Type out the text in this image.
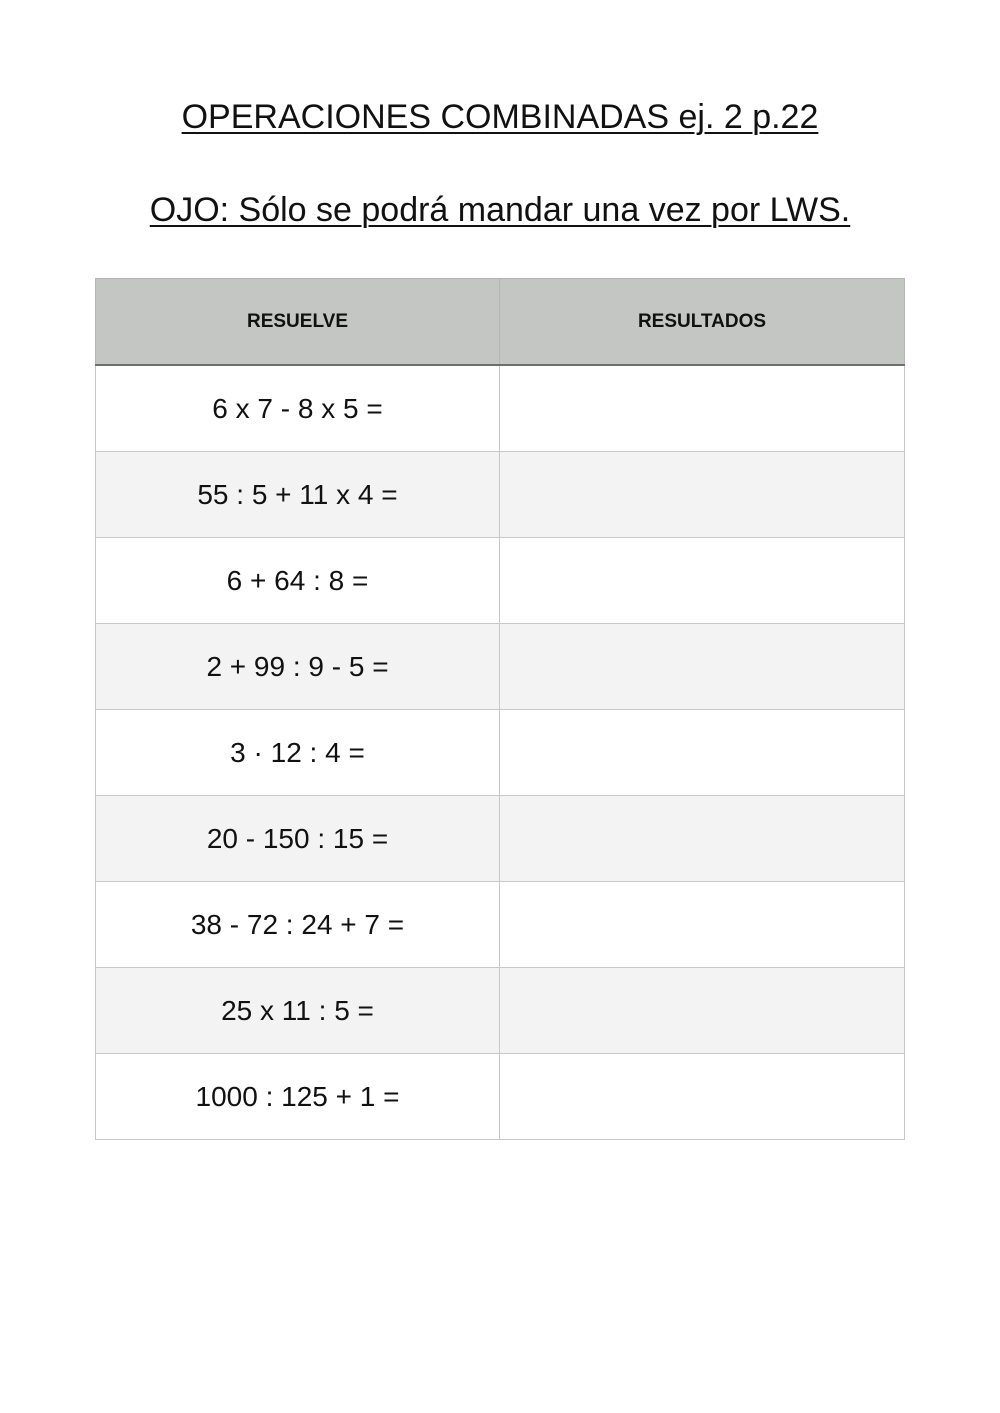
OPERACIONES COMBINADAS ej. 2 p.22
OJO: Sólo se podrá mandar una vez por LWS.
RESUELVE	RESULTADOS
6 x 7 - 8 x 5 =	
55 : 5 + 11 x 4 =	
6 + 64 : 8 =	
2 + 99 : 9 - 5 =	
3 · 12 : 4 =	
20 - 150 : 15 =	
38 - 72 : 24 + 7 =	
25 x 11 : 5 =	
1000 : 125 + 1 =	
